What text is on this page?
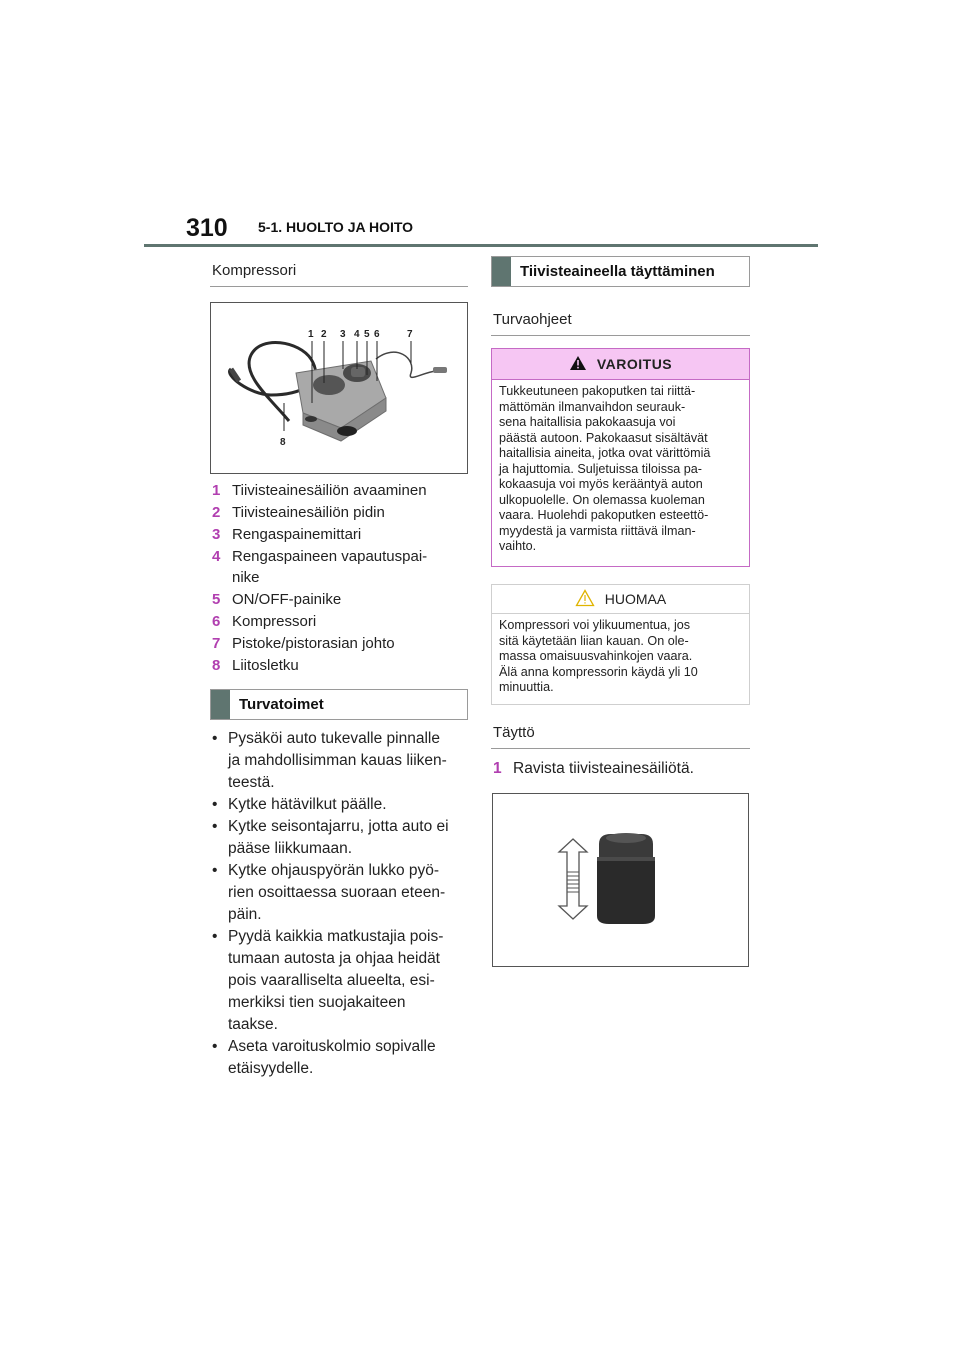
310 5-1. HUOLTO JA HOITO
Kompressori
1 2 3 4 5 6	7
8
1 Tiivisteainesäiliön avaaminen
2 Tiivisteainesäiliön pidin
3 Rengaspainemittari
4 Rengaspaineen vapautuspai-
nike
5 ON/OFF-painike
6 Kompressori
7 Pistoke/pistorasian johto
8 Liitosletku
Turvatoimet
• Pysäköi auto tukevalle pinnalle
ja mahdollisimman kauas liiken-
teestä.
• Kytke hätävilkut päälle.
• Kytke seisontajarru, jotta auto ei
pääse liikkumaan.
• Kytke ohjauspyörän lukko pyö-
rien osoittaessa suoraan eteen-
päin.
• Pyydä kaikkia matkustajia pois-
tumaan autosta ja ohjaa heidät
pois vaaralliselta alueelta, esi-
merkiksi tien suojakaiteen
taakse.
• Aseta varoituskolmio sopivalle
etäisyydelle.
Tiivisteaineella täyttäminen
Turvaohjeet
VAROITUS
Tukkeutuneen pakoputken tai riittä-
mättömän ilmanvaihdon seurauk-
sena haitallisia pakokaasuja voi
päästä autoon. Pakokaasut sisältävät
haitallisia aineita, jotka ovat värittömiä
ja hajuttomia. Suljetuissa tiloissa pa-
kokaasuja voi myös kerääntyä auton
ulkopuolelle. On olemassa kuoleman
vaara. Huolehdi pakoputken esteettö-
myydestä ja varmista riittävä ilman-
vaihto.
HUOMAA
Kompressori voi ylikuumentua, jos
sitä käytetään liian kauan. On ole-
massa omaisuusvahinkojen vaara.
Älä anna kompressorin käydä yli 10
minuuttia.
Täyttö
1 Ravista tiivisteainesäiliötä.
